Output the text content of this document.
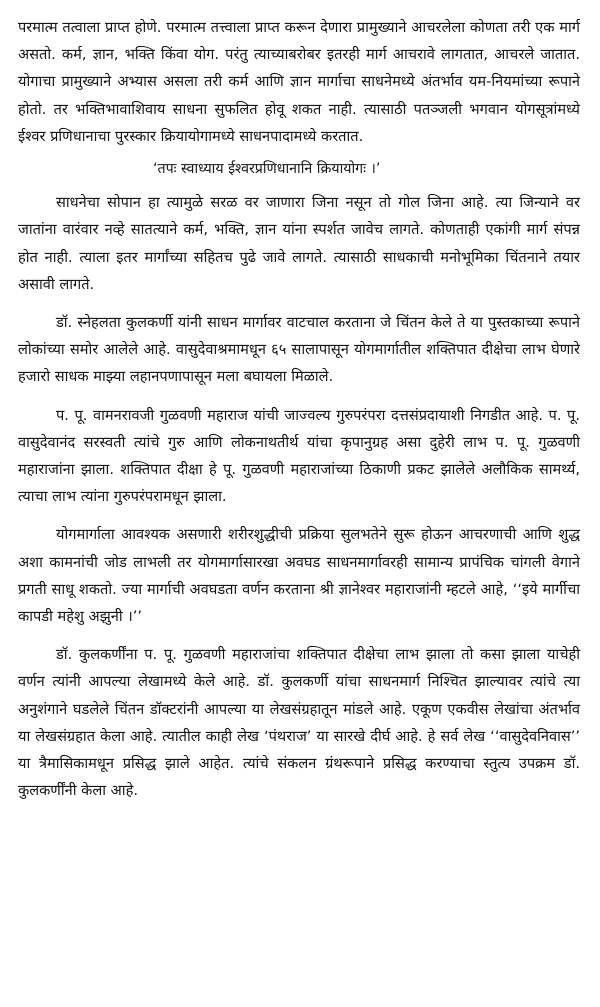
परमात्म तत्वाला प्राप्त होणे. परमात्म तत्त्वाला प्राप्त करून देणारा प्रामुख्याने आचरलेला कोणता तरी एक मार्ग असतो. कर्म, ज्ञान, भक्ति किंवा योग. परंतु त्याच्याबरोबर इतरही मार्ग आचरावे लागतात, आचरले जातात. योगाचा प्रामुख्याने अभ्यास असला तरी कर्म आणि ज्ञान मार्गाचा साधनेमध्ये अंतर्भाव यम-नियमांच्या रूपाने होतो. तर भक्तिभावाशिवाय साधना सुफलित होवू शकत नाही. त्यासाठी पतञ्जली भगवान योगसूत्रांमध्ये ईश्वर प्रणिधानाचा पुरस्कार क्रियायोगामध्ये साधनपादामध्ये करतात.

‘तपः स्वाध्याय ईश्वरप्रणिधानानि क्रियायोगः ।’

साधनेचा सोपान हा त्यामुळे सरळ वर जाणारा जिना नसून तो गोल जिना आहे. त्या जिन्याने वर जातांना वारंवार नव्हे सातत्याने कर्म, भक्ति, ज्ञान यांना स्पर्शत जावेच लागते. कोणताही एकांगी मार्ग संपन्न होत नाही. त्याला इतर मार्गांच्या सहितच पुढे जावे लागते. त्यासाठी साधकाची मनोभूमिका चिंतनाने तयार असावी लागते.

डॉ. स्नेहलता कुलकर्णी यांनी साधन मार्गावर वाटचाल करताना जे चिंतन केले ते या पुस्तकाच्या रूपाने लोकांच्या समोर आलेले आहे. वासुदेवाश्रमामधून ६५ सालापासून योगमार्गातील शक्तिपात दीक्षेचा लाभ घेणारे हजारो साधक माझ्या लहानपणापासून मला बघायला मिळाले.

प. पू. वामनरावजी गुळवणी महाराज यांची जाज्वल्य गुरुपरंपरा दत्तसंप्रदायाशी निगडीत आहे. प. पू. वासुदेवानंद सरस्वती त्यांचे गुरु आणि लोकनाथतीर्थ यांचा कृपानुग्रह असा दुहेरी लाभ प. पू. गुळवणी महाराजांना झाला. शक्तिपात दीक्षा हे पू. गुळवणी महाराजांच्या ठिकाणी प्रकट झालेले अलौकिक सामर्थ्य, त्याचा लाभ त्यांना गुरुपरंपरामधून झाला.

योगमार्गाला आवश्यक असणारी शरीरशुद्धीची प्रक्रिया सुलभतेने सुरू होऊन आचरणाची आणि शुद्ध अशा कामनांची जोड लाभली तर योगमार्गासारखा अवघड साधनमार्गावरही सामान्य प्रापंचिक चांगली वेगाने प्रगती साधू शकतो. ज्या मार्गाची अवघडता वर्णन करताना श्री ज्ञानेश्वर महाराजांनी म्हटले आहे, ‘‘इये मार्गीचा कापडी महेशु अझुनी ।’’

डॉ. कुलकर्णींना प. पू. गुळवणी महाराजांचा शक्तिपात दीक्षेचा लाभ झाला तो कसा झाला याचेही वर्णन त्यांनी आपल्या लेखामध्ये केले आहे. डॉ. कुलकर्णी यांचा साधनमार्ग निश्चित झाल्यावर त्यांचे त्या अनुशंगाने घडलेले चिंतन डॉक्टरांनी आपल्या या लेखसंग्रहातून मांडले आहे. एकूण एकवीस लेखांचा अंतर्भाव या लेखसंग्रहात केला आहे. त्यातील काही लेख ‘पंथराज’ या सारखे दीर्घ आहे. हे सर्व लेख ‘‘वासुदेवनिवास’’ या त्रैमासिकामधून प्रसिद्ध झाले आहेत. त्यांचे संकलन ग्रंथरूपाने प्रसिद्ध करण्याचा स्तुत्य उपक्रम डॉ. कुलकर्णींनी केला आहे.
